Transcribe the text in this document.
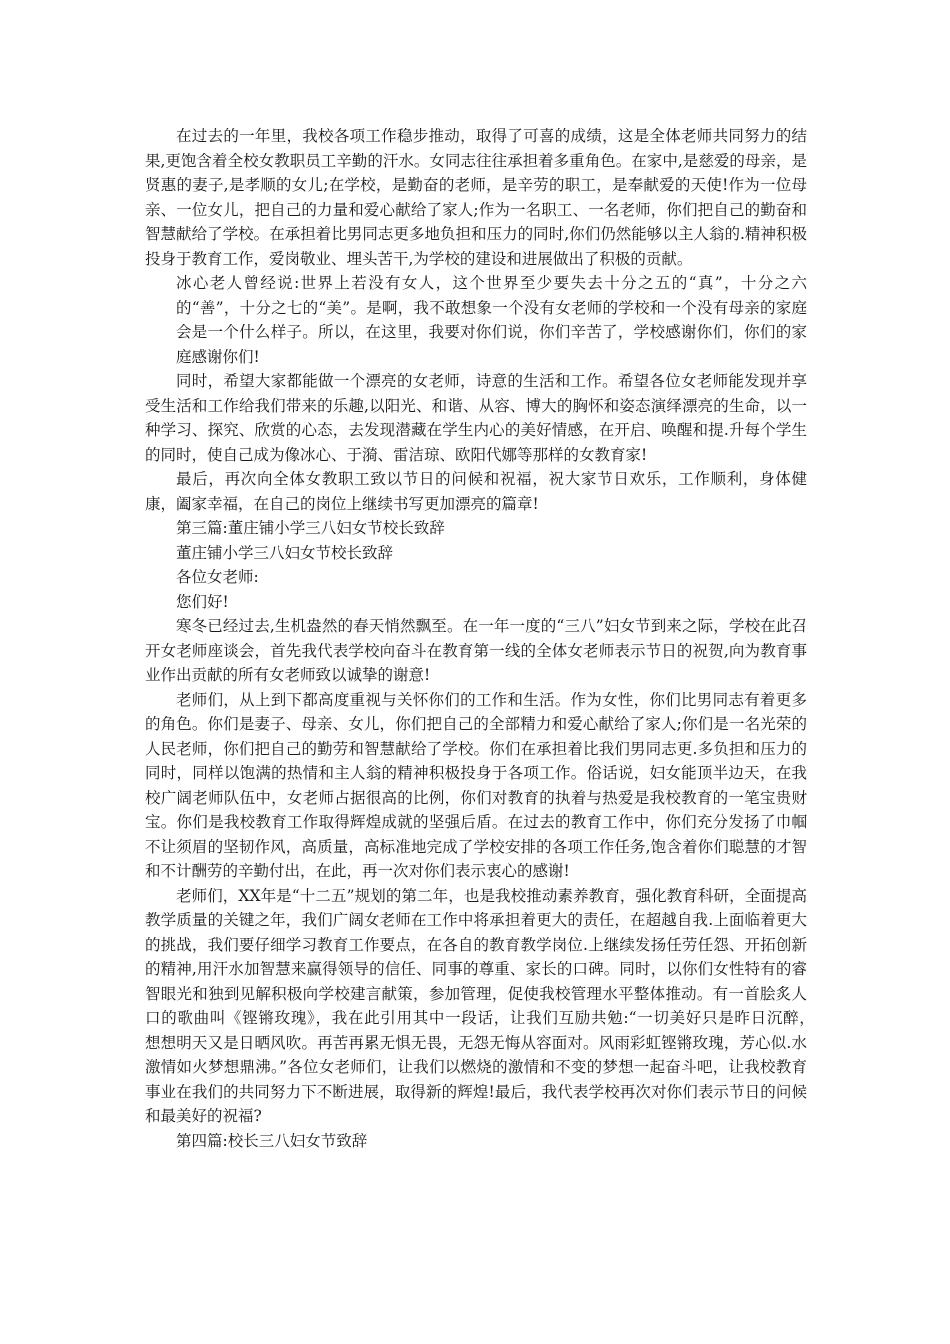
在过去的一年里，我校各项工作稳步推动，取得了可喜的成绩，这是全体老师共同努力的结果,更饱含着全校女教职员工辛勤的汗水。女同志往往承担着多重角色。在家中,是慈爱的母亲，是贤惠的妻子,是孝顺的女儿;在学校，是勤奋的老师，是辛劳的职工，是奉献爱的天使!作为一位母亲、一位女儿，把自己的力量和爱心献给了家人;作为一名职工、一名老师，你们把自己的勤奋和智慧献给了学校。在承担着比男同志更多地负担和压力的同时,你们仍然能够以主人翁的.精神积极投身于教育工作，爱岗敬业、埋头苦干,为学校的建设和进展做出了积极的贡献。

冰心老人曾经说:世界上若没有女人，这个世界至少要失去十分之五的“真”，十分之六的“善”，十分之七的“美”。是啊，我不敢想象一个没有女老师的学校和一个没有母亲的家庭会是一个什么样子。所以，在这里，我要对你们说，你们辛苦了，学校感谢你们，你们的家庭感谢你们!

同时，希望大家都能做一个漂亮的女老师，诗意的生活和工作。希望各位女老师能发现并享受生活和工作给我们带来的乐趣,以阳光、和谐、从容、博大的胸怀和姿态演绎漂亮的生命，以一种学习、探究、欣赏的心态，去发现潜藏在学生内心的美好情感，在开启、唤醒和提.升每个学生的同时，使自己成为像冰心、于漪、雷洁琼、欧阳代娜等那样的女教育家!

最后，再次向全体女教职工致以节日的问候和祝福，祝大家节日欢乐，工作顺利，身体健康，阖家幸福，在自己的岗位上继续书写更加漂亮的篇章!

第三篇:董庄铺小学三八妇女节校长致辞

董庄铺小学三八妇女节校长致辞

各位女老师:

您们好!

寒冬已经过去,生机盎然的春天悄然飘至。在一年一度的“三八”妇女节到来之际，学校在此召开女老师座谈会，首先我代表学校向奋斗在教育第一线的全体女老师表示节日的祝贺,向为教育事业作出贡献的所有女老师致以诚挚的谢意!

老师们，从上到下都高度重视与关怀你们的工作和生活。作为女性，你们比男同志有着更多的角色。你们是妻子、母亲、女儿，你们把自己的全部精力和爱心献给了家人;你们是一名光荣的人民老师，你们把自己的勤劳和智慧献给了学校。你们在承担着比我们男同志更.多负担和压力的同时，同样以饱满的热情和主人翁的精神积极投身于各项工作。俗话说，妇女能顶半边天，在我校广阔老师队伍中，女老师占据很高的比例，你们对教育的执着与热爱是我校教育的一笔宝贵财宝。你们是我校教育工作取得辉煌成就的坚强后盾。在过去的教育工作中，你们充分发扬了巾帼不让须眉的坚韧作风，高质量，高标准地完成了学校安排的各项工作任务,饱含着你们聪慧的才智和不计酬劳的辛勤付出，在此，再一次对你们表示衷心的感谢!

老师们，XX年是“十二五”规划的第二年，也是我校推动素养教育，强化教育科研，全面提高教学质量的关键之年，我们广阔女老师在工作中将承担着更大的责任，在超越自我.上面临着更大的挑战，我们要仔细学习教育工作要点，在各自的教育教学岗位.上继续发扬任劳任怨、开拓创新的精神,用汗水加智慧来赢得领导的信任、同事的尊重、家长的口碑。同时，以你们女性特有的睿智眼光和独到见解积极向学校建言献策，参加管理，促使我校管理水平整体推动。有一首脍炙人口的歌曲叫《铿锵玫瑰》，我在此引用其中一段话，让我们互励共勉:“一切美好只是昨日沉醉，　想想明天又是日晒风吹。再苦再累无惧无畏，无怨无悔从容面对。风雨彩虹铿锵玫瑰，芳心似.水激情如火梦想鼎沸。”各位女老师们，让我们以燃烧的激情和不变的梦想一起奋斗吧，让我校教育事业在我们的共同努力下不断进展，取得新的辉煌!最后，我代表学校再次对你们表示节日的问候和最美好的祝福?

第四篇:校长三八妇女节致辞
